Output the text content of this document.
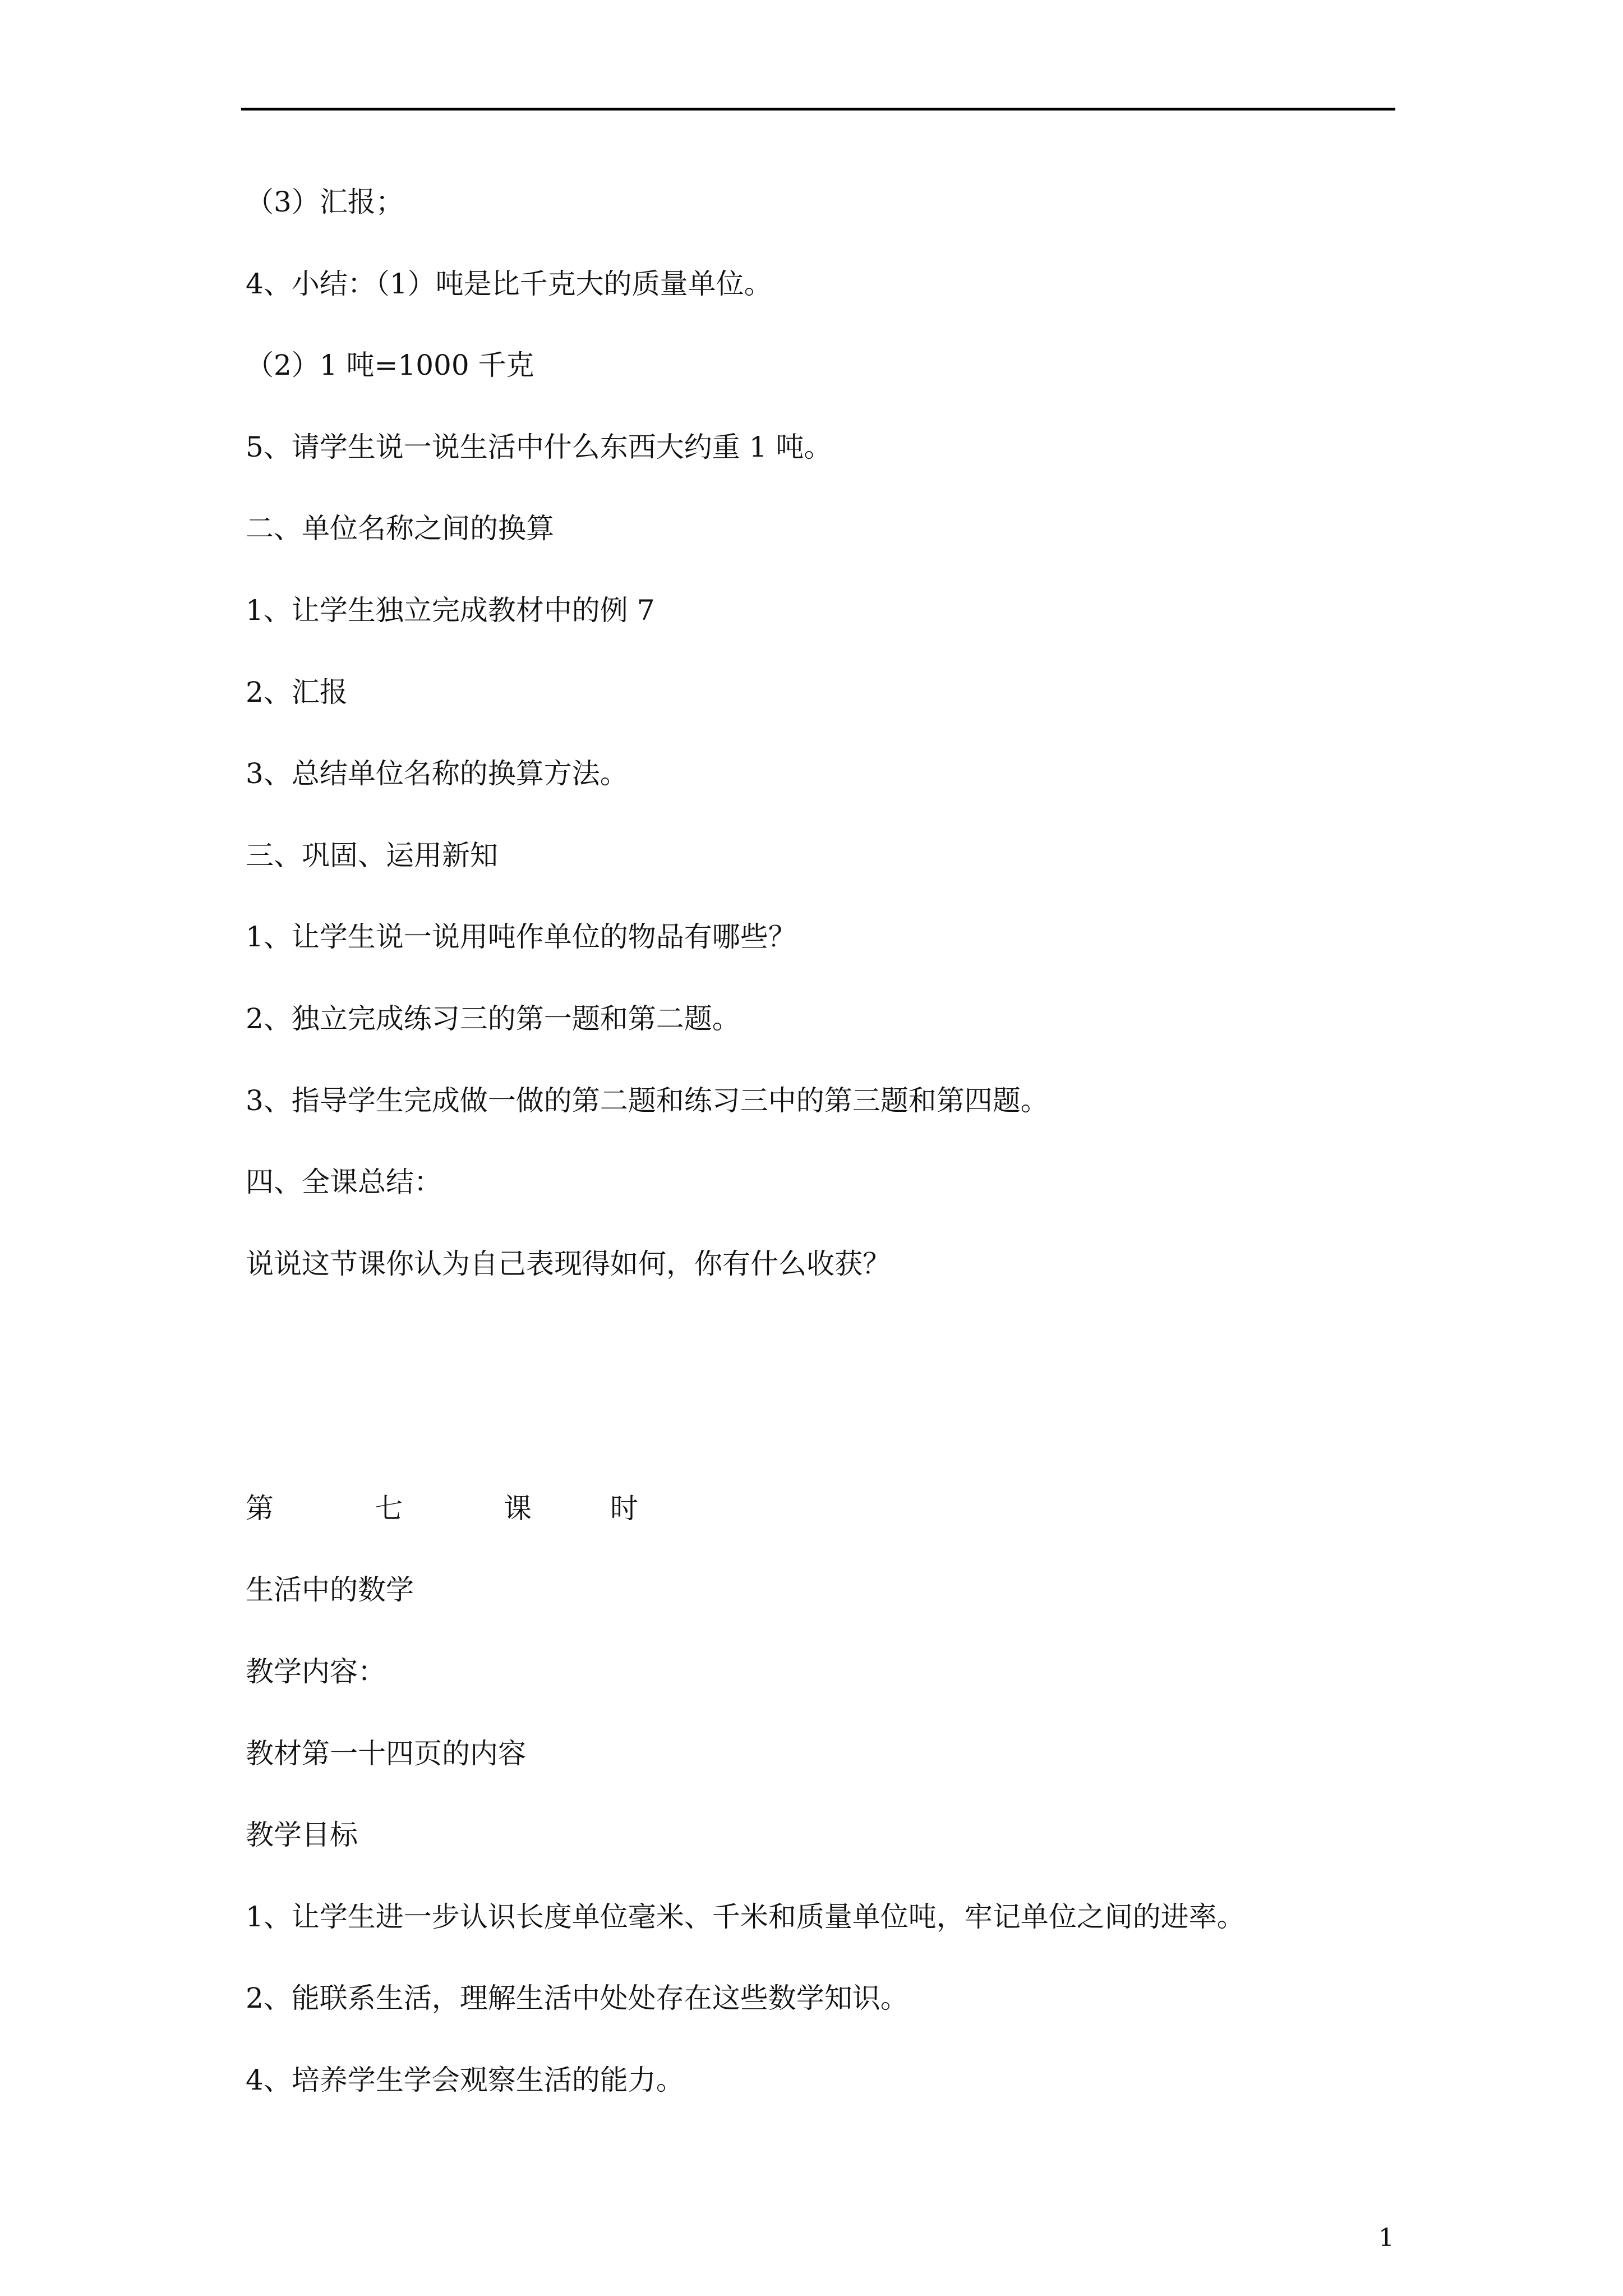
（3）汇报；
4、小结：（1）吨是比千克大的质量单位。
（2）1 吨=1000 千克
5、请学生说一说生活中什么东西大约重 1 吨。
二、单位名称之间的换算
1、让学生独立完成教材中的例 7
2、汇报
3、总结单位名称的换算方法。
三、巩固、运用新知
1、让学生说一说用吨作单位的物品有哪些？
2、独立完成练习三的第一题和第二题。
3、指导学生完成做一做的第二题和练习三中的第三题和第四题。
四、全课总结：
说说这节课你认为自己表现得如何，你有什么收获？
第	七	课	时
生活中的数学
教学内容：
教材第一十四页的内容
教学目标
1、让学生进一步认识长度单位毫米、千米和质量单位吨，牢记单位之间的进率。
2、能联系生活，理解生活中处处存在这些数学知识。
4、培养学生学会观察生活的能力。
1
